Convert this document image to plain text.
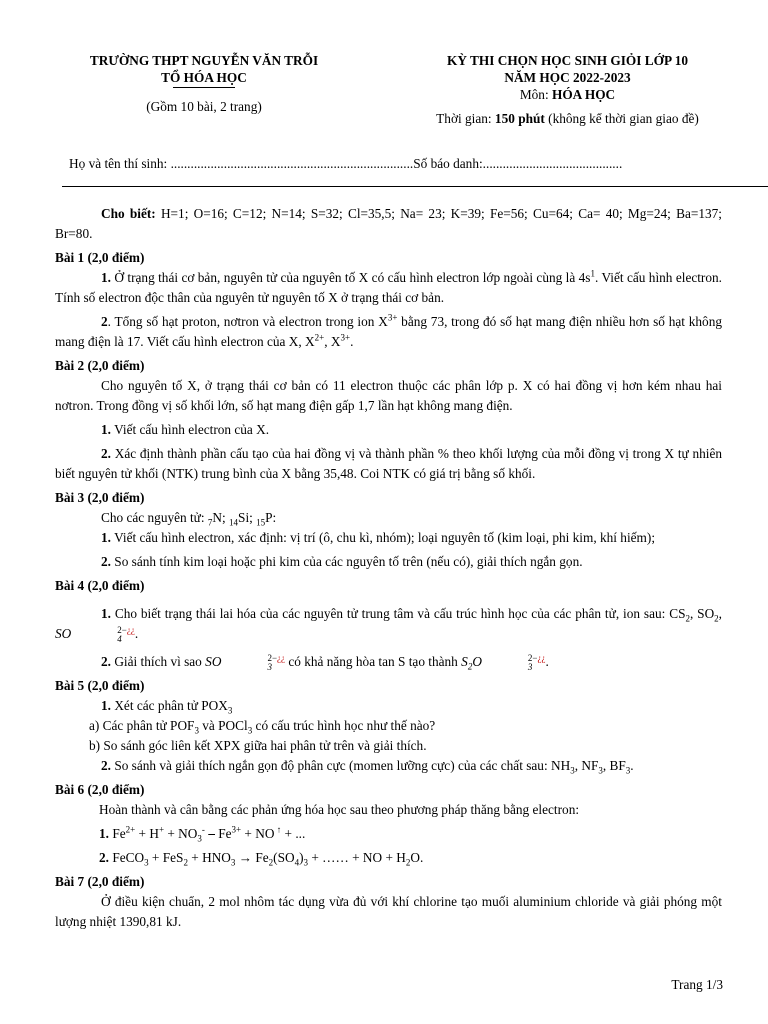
TRƯỜNG THPT NGUYỄN VĂN TRỖI
TỔ HÓA HỌC
(Gồm 10 bài, 2 trang)
KỲ THI CHỌN HỌC SINH GIỎI LỚP 10
NĂM HỌC 2022-2023
Môn: HÓA HỌC
Thời gian: 150 phút (không kể thời gian giao đề)
Họ và tên thí sinh: .........................................................................Số báo danh:..........................................

Cho biết: H=1; O=16; C=12; N=14; S=32; Cl=35,5; Na= 23; K=39; Fe=56; Cu=64; Ca= 40; Mg=24; Ba=137; Br=80.

Bài 1 (2,0 điểm)

1. Ở trạng thái cơ bản, nguyên tử của nguyên tố X có cấu hình electron lớp ngoài cùng là $4s^1$. Viết cấu hình electron. Tính số electron độc thân của nguyên tử nguyên tố X ở trạng thái cơ bản.

2. Tổng số hạt proton, nơtron và electron trong ion $X^{3+}$ bằng 73, trong đó số hạt mang điện nhiều hơn số hạt không mang điện là 17. Viết cấu hình electron của X, $X^{2+}$, $X^{3+}$.

Bài 2 (2,0 điểm)

Cho nguyên tố X, ở trạng thái cơ bản có 11 electron thuộc các phân lớp p. X có hai đồng vị hơn kém nhau hai nơtron. Trong đồng vị số khối lớn, số hạt mang điện gấp 1,7 lần hạt không mang điện.

1. Viết cấu hình electron của X.

2. Xác định thành phần cấu tạo của hai đồng vị và thành phần % theo khối lượng của mỗi đồng vị trong X tự nhiên biết nguyên tử khối (NTK) trung bình của X bằng 35,48. Coi NTK có giá trị bằng số khối.

Bài 3 (2,0 điểm)

Cho các nguyên tử: $_7$N; $_{14}$Si; $_{15}$P:

1. Viết cấu hình electron, xác định: vị trí (ô, chu kì, nhóm); loại nguyên tố (kim loại, phi kim, khí hiếm);

2. So sánh tính kim loại hoặc phi kim của các nguyên tố trên (nếu có), giải thích ngắn gọn.

Bài 4 (2,0 điểm)

1. Cho biết trạng thái lai hóa của các nguyên tử trung tâm và cấu trúc hình học của các phân tử, ion sau: $CS_2$, $SO_2$, SO	2−¿¿
4 .

2. Giải thích vì sao SO	2−¿¿
3 có khả năng hòa tan S tạo thành $S_2O$	2−¿¿
3 .

Bài 5 (2,0 điểm)

1. Xét các phân tử $POX_3$

a) Các phân tử $POF_3$ và POCl$_3$ có cấu trúc hình học như thế nào?

b) So sánh góc liên kết XPX giữa hai phân tử trên và giải thích.

2. So sánh và giải thích ngắn gọn độ phân cực (momen lưỡng cực) của các chất sau: $NH_3$, $NF_3$, $BF_3$.

Bài 6 (2,0 điểm)

Hoàn thành và cân bằng các phản ứng hóa học sau theo phương pháp thăng bằng electron:

1. $Fe^{2+} + H^+ + NO_3^-$ ⎯ $Fe^{3+}$ + NO ↑ + ...

2. FeCO$_3$ + $FeS_2 + HNO_3 \to Fe_2(SO_4)_3$ + …… + NO + $H_2O$.

Bài 7 (2,0 điểm)

Ở điều kiện chuẩn, 2 mol nhôm tác dụng vừa đủ với khí chlorine tạo muối aluminium chloride và giải phóng một lượng nhiệt 1390,81 kJ.

Trang 1/3
